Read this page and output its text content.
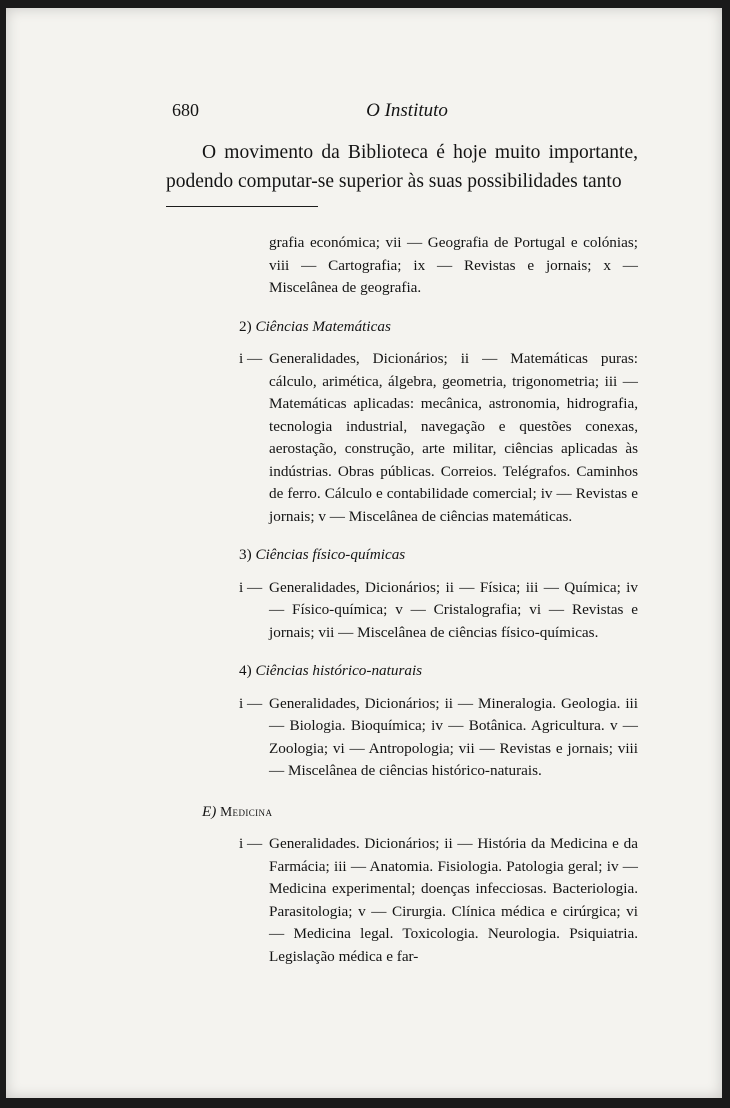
680	O Instituto

O movimento da Biblioteca é hoje muito importante, podendo computar-se superior às suas possibilidades tanto

grafia económica; vii — Geografia de Portugal e colónias; viii — Cartografia; ix — Revistas e jornais; x — Miscelânea de geografia.
2) Ciências Matemáticas
i — Generalidades, Dicionários; ii — Matemáticas puras: cálculo, arimética, álgebra, geometria, trigonometria; iii — Matemáticas aplicadas: mecânica, astronomia, hidrografia, tecnologia industrial, navegação e questões conexas, aerostação, construção, arte militar, ciências aplicadas às indústrias. Obras públicas. Correios. Telégrafos. Caminhos de ferro. Cálculo e contabilidade comercial; iv — Revistas e jornais; v — Miscelânea de ciências matemáticas.
3) Ciências físico-químicas
i — Generalidades, Dicionários; ii — Física; iii — Química; iv — Físico-química; v — Cristalografia; vi — Revistas e jornais; vii — Miscelânea de ciências físico-químicas.
4) Ciências histórico-naturais
i — Generalidades, Dicionários; ii — Mineralogia. Geologia. iii — Biologia. Bioquímica; iv — Botânica. Agricultura. v — Zoologia; vi — Antropologia; vii — Revistas e jornais; viii — Miscelânea de ciências histórico-naturais.
E) Medicina
i — Generalidades. Dicionários; ii — História da Medicina e da Farmácia; iii — Anatomia. Fisiologia. Patologia geral; iv — Medicina experimental; doenças infecciosas. Bacteriologia. Parasitologia; v — Cirurgia. Clínica médica e cirúrgica; vi — Medicina legal. Toxicologia. Neurologia. Psiquiatria. Legislação médica e far-
